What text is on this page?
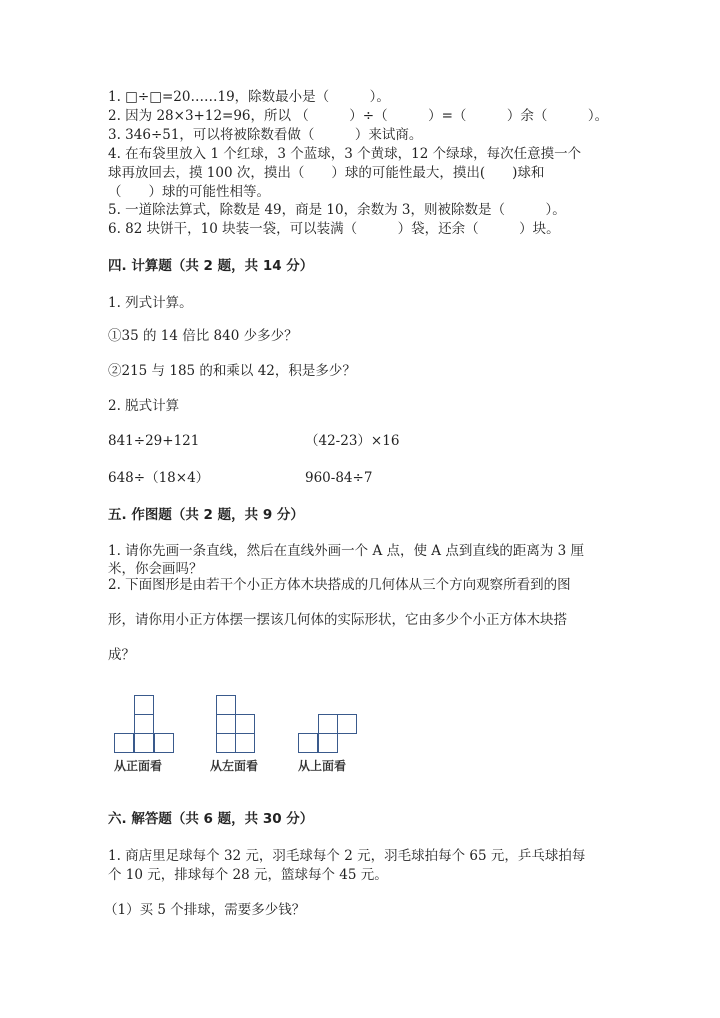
1. □÷□=20……19，除数最小是（　　　）。
2. 因为 28×3+12=96，所以 （　　　）÷（　　　）=（　　　）余（　　　）。
3. 346÷51，可以将被除数看做（　　　）来试商。
4. 在布袋里放入 1 个红球，3 个蓝球，3 个黄球，12 个绿球，每次任意摸一个
球再放回去，摸 100 次，摸出（　　）球的可能性最大，摸出(　　)球和
（　　）球的可能性相等。
5. 一道除法算式，除数是 49，商是 10，余数为 3，则被除数是（　　　）。
6. 82 块饼干，10 块装一袋，可以装满（　　　）袋，还余（　　　）块。
四. 计算题（共 2 题，共 14 分）
1. 列式计算。
①35 的 14 倍比 840 少多少？
②215 与 185 的和乘以 42，积是多少？
2. 脱式计算
841÷29+121	（42-23）×16
648÷（18×4）	960-84÷7
五. 作图题（共 2 题，共 9 分）
1. 请你先画一条直线，然后在直线外画一个 A 点，使 A 点到直线的距离为 3 厘
米，你会画吗？
2. 下面图形是由若干个小正方体木块搭成的几何体从三个方向观察所看到的图
形，请你用小正方体摆一摆该几何体的实际形状，它由多少个小正方体木块搭
成？
从正面看	从左面看	从上面看
六. 解答题（共 6 题，共 30 分）
1. 商店里足球每个 32 元，羽毛球每个 2 元，羽毛球拍每个 65 元，乒乓球拍每
个 10 元，排球每个 28 元，篮球每个 45 元。
（1）买 5 个排球，需要多少钱？
